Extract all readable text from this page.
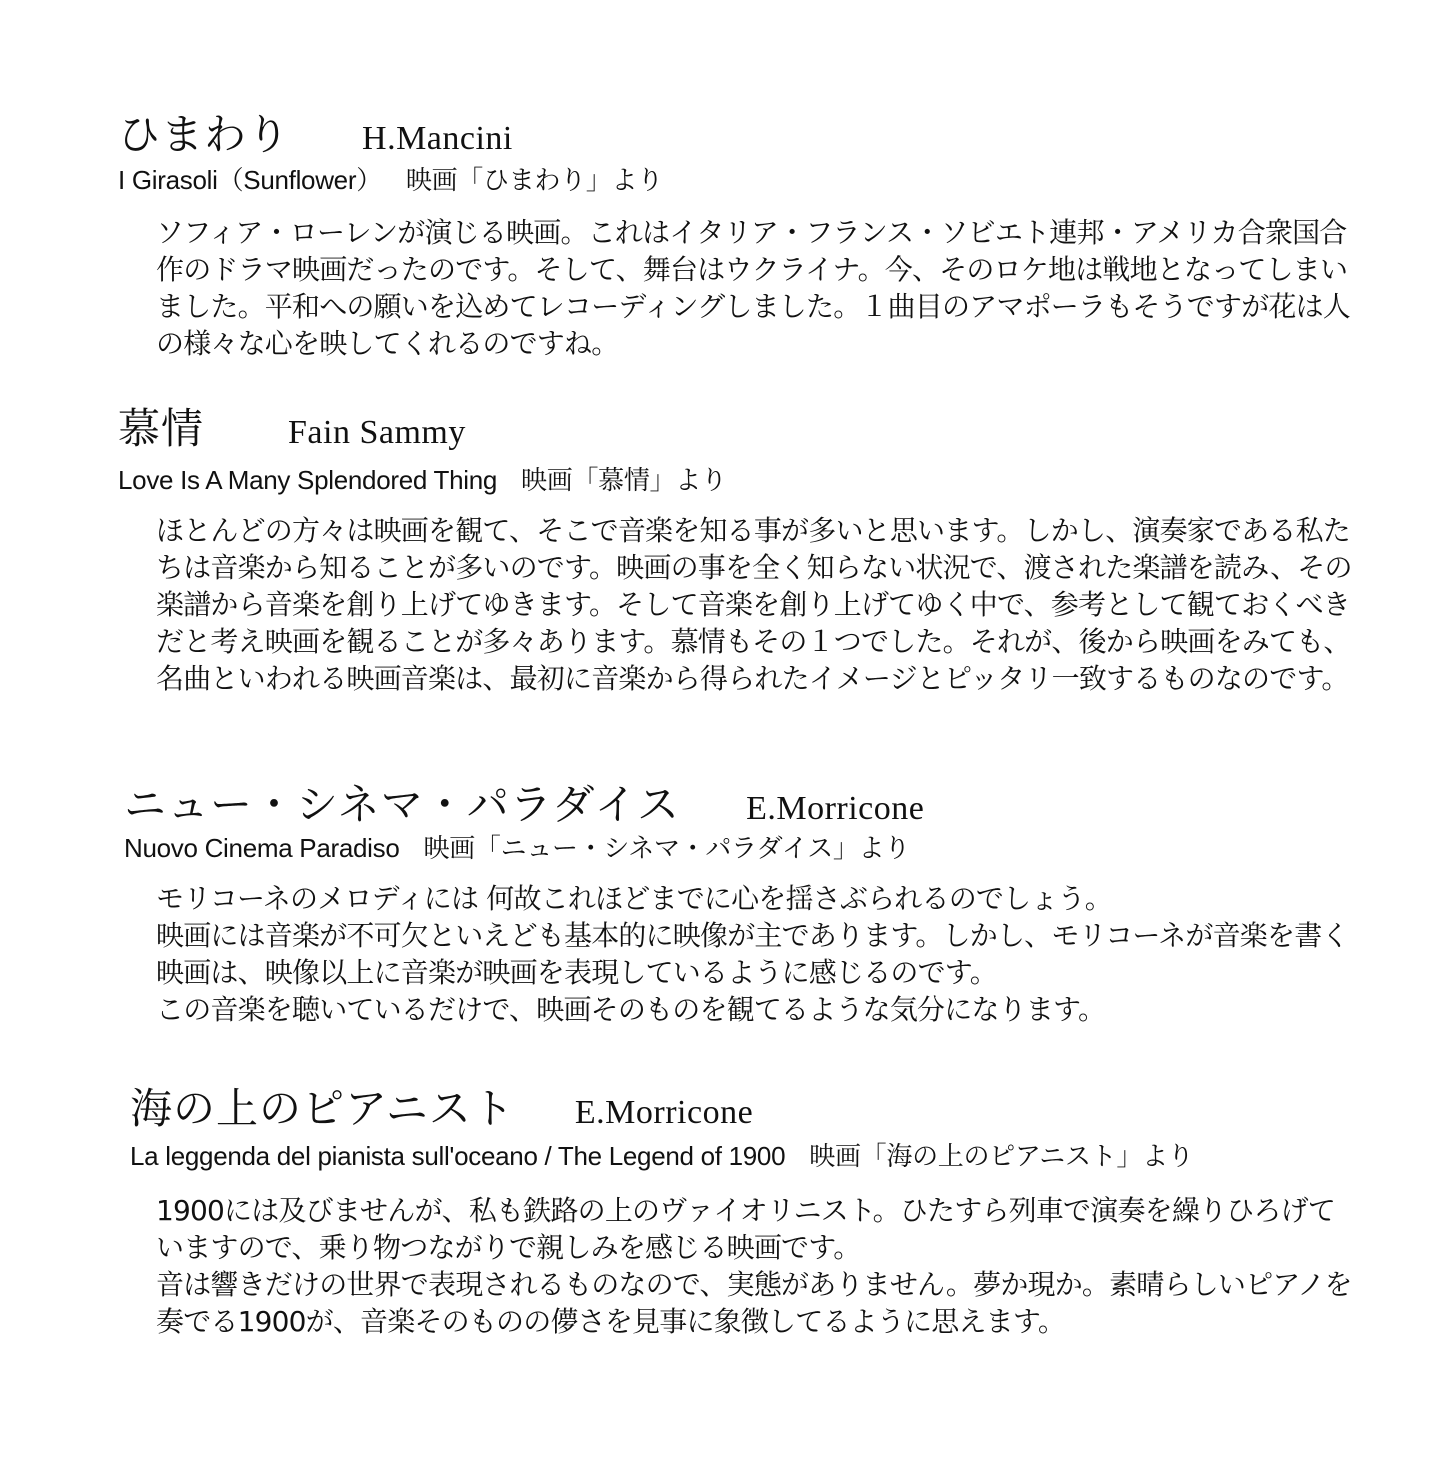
ひまわり H.Mancini
I Girasoli（Sunflower） 映画「ひまわり」より

ソフィア・ローレンが演じる映画。これはイタリア・フランス・ソビエト連邦・アメリカ合衆国合作のドラマ映画だったのです。そして、舞台はウクライナ。今、そのロケ地は戦地となってしまいました。平和への願いを込めてレコーディングしました。１曲目のアマポーラもそうですが花は人の様々な心を映してくれるのですね。

慕情 Fain Sammy
Love Is A Many Splendored Thing 映画「慕情」より

ほとんどの方々は映画を観て、そこで音楽を知る事が多いと思います。しかし、演奏家である私たちは音楽から知ることが多いのです。映画の事を全く知らない状況で、渡された楽譜を読み、その楽譜から音楽を創り上げてゆきます。そして音楽を創り上げてゆく中で、参考として観ておくべきだと考え映画を観ることが多々あります。慕情もその１つでした。それが、後から映画をみても、名曲といわれる映画音楽は、最初に音楽から得られたイメージとピッタリ一致するものなのです。

ニュー・シネマ・パラダイス E.Morricone
Nuovo Cinema Paradiso 映画「ニュー・シネマ・パラダイス」より

モリコーネのメロディには 何故これほどまでに心を揺さぶられるのでしょう。

映画には音楽が不可欠といえども基本的に映像が主であります。しかし、モリコーネが音楽を書く映画は、映像以上に音楽が映画を表現しているように感じるのです。

この音楽を聴いているだけで、映画そのものを観てるような気分になります。

海の上のピアニスト E.Morricone
La leggenda del pianista sull'oceano / The Legend of 1900 映画「海の上のピアニスト」より

1900には及びませんが、私も鉄路の上のヴァイオリニスト。ひたすら列車で演奏を繰りひろげていますので、乗り物つながりで親しみを感じる映画です。

音は響きだけの世界で表現されるものなので、実態がありません。夢か現か。素晴らしいピアノを奏でる1900が、音楽そのものの儚さを見事に象徴してるように思えます。
